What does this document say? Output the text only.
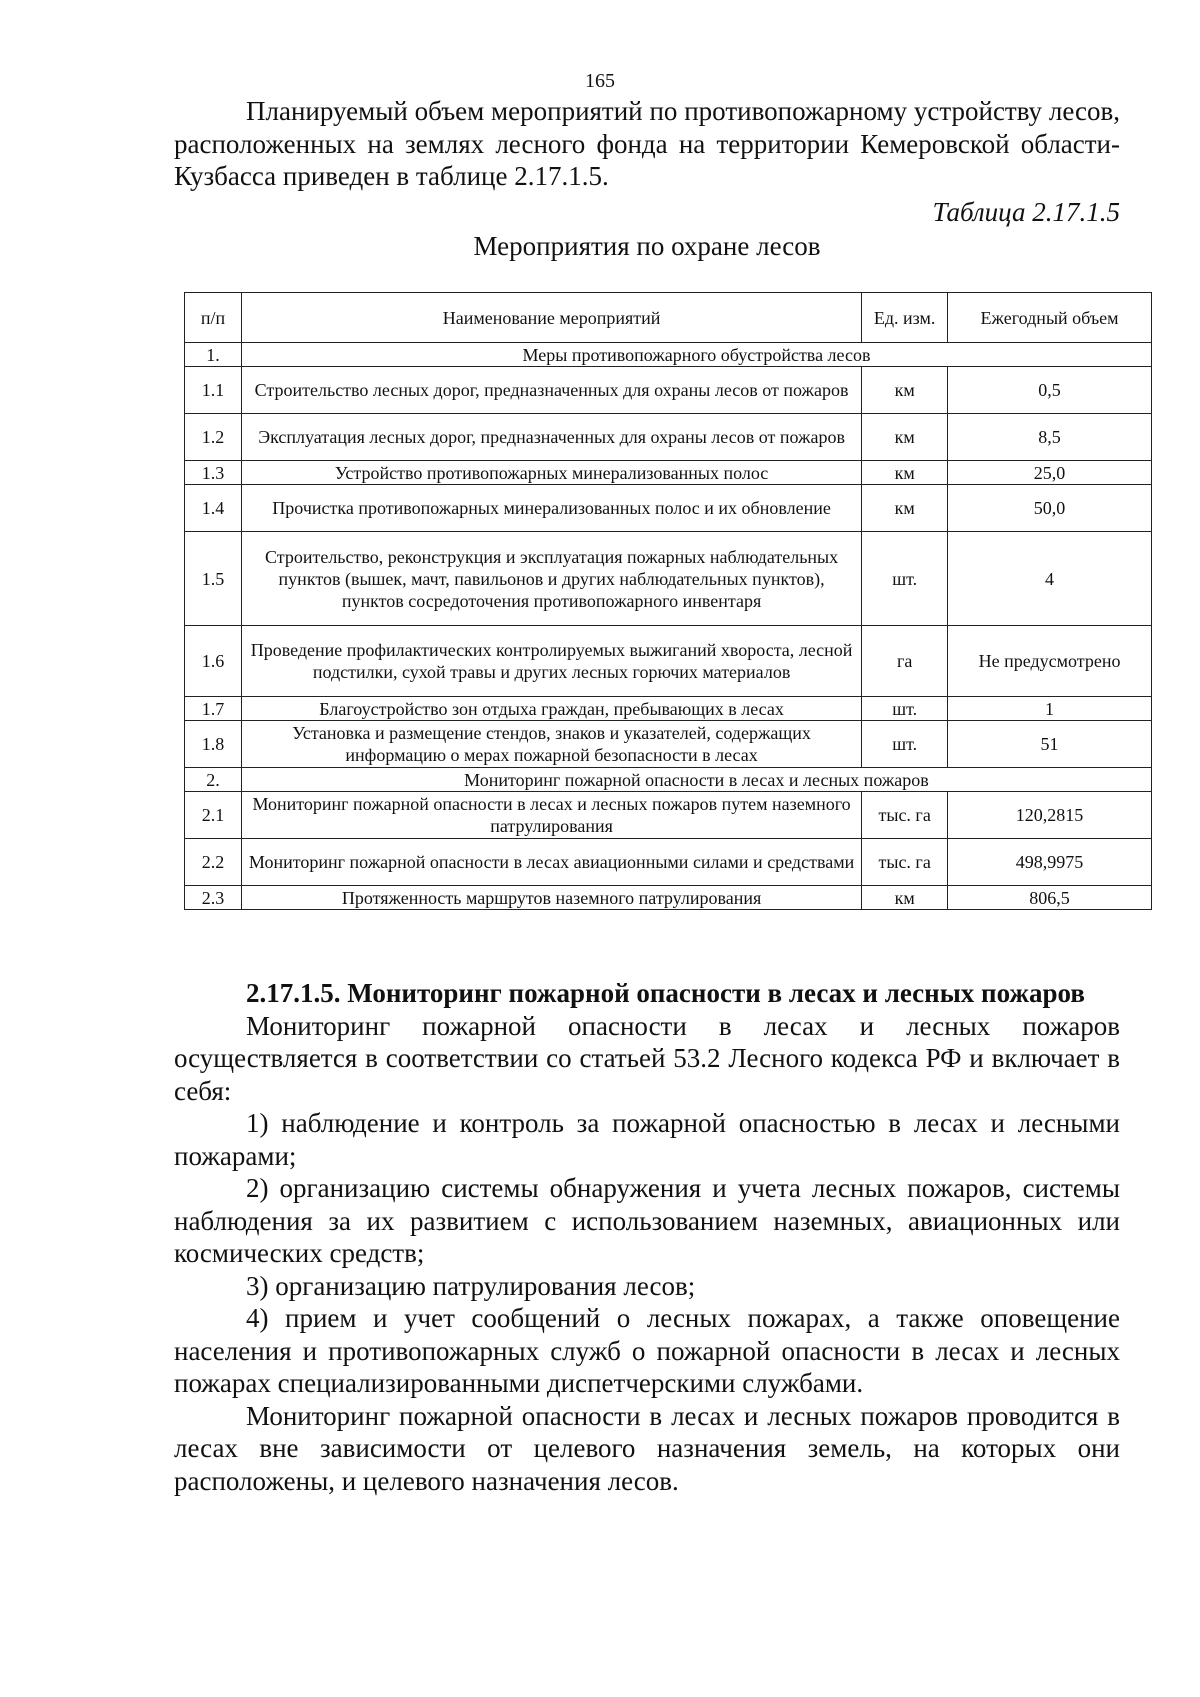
165

Планируемый объем мероприятий по противопожарному устройству лесов, расположенных на землях лесного фонда на территории Кемеровской области-Кузбасса приведен в таблице 2.17.1.5.

Таблица 2.17.1.5
Мероприятия по охране лесов
п/п	Наименование мероприятий	Ед. изм.	Ежегодный объем
1.	Меры противопожарного обустройства лесов		
1.1	Строительство лесных дорог, предназначенных для охраны лесов от пожаров	км	0,5
1.2	Эксплуатация лесных дорог, предназначенных для охраны лесов от пожаров	км	8,5
1.3	Устройство противопожарных минерализованных полос	км	25,0
1.4	Прочистка противопожарных минерализованных полос и их обновление	км	50,0
1.5	Строительство, реконструкция и эксплуатация пожарных наблюдательных пунктов (вышек, мачт, павильонов и других наблюдательных пунктов), пунктов сосредоточения противопожарного инвентаря	шт.	4
1.6	Проведение профилактических контролируемых выжиганий хвороста, лесной подстилки, сухой травы и других лесных горючих материалов	га	Не предусмотрено
1.7	Благоустройство зон отдыха граждан, пребывающих в лесах	шт.	1
1.8	Установка и размещение стендов, знаков и указателей, содержащих информацию о мерах пожарной безопасности в лесах	шт.	51
2.	Мониторинг пожарной опасности в лесах и лесных пожаров		
2.1	Мониторинг пожарной опасности в лесах и лесных пожаров путем наземного патрулирования	тыс. га	120,2815
2.2	Мониторинг пожарной опасности в лесах авиационными силами и средствами	тыс. га	498,9975
2.3	Протяженность маршрутов наземного патрулирования	км	806,5

2.17.1.5. Мониторинг пожарной опасности в лесах и лесных пожаров

Мониторинг пожарной опасности в лесах и лесных пожаров осуществляется в соответствии со статьей 53.2 Лесного кодекса РФ и включает в себя:

1) наблюдение и контроль за пожарной опасностью в лесах и лесными пожарами;

2) организацию системы обнаружения и учета лесных пожаров, системы наблюдения за их развитием с использованием наземных, авиационных или космических средств;

3) организацию патрулирования лесов;

4) прием и учет сообщений о лесных пожарах, а также оповещение населения и противопожарных служб о пожарной опасности в лесах и лесных пожарах специализированными диспетчерскими службами.

Мониторинг пожарной опасности в лесах и лесных пожаров проводится в лесах вне зависимости от целевого назначения земель, на которых они расположены, и целевого назначения лесов.
